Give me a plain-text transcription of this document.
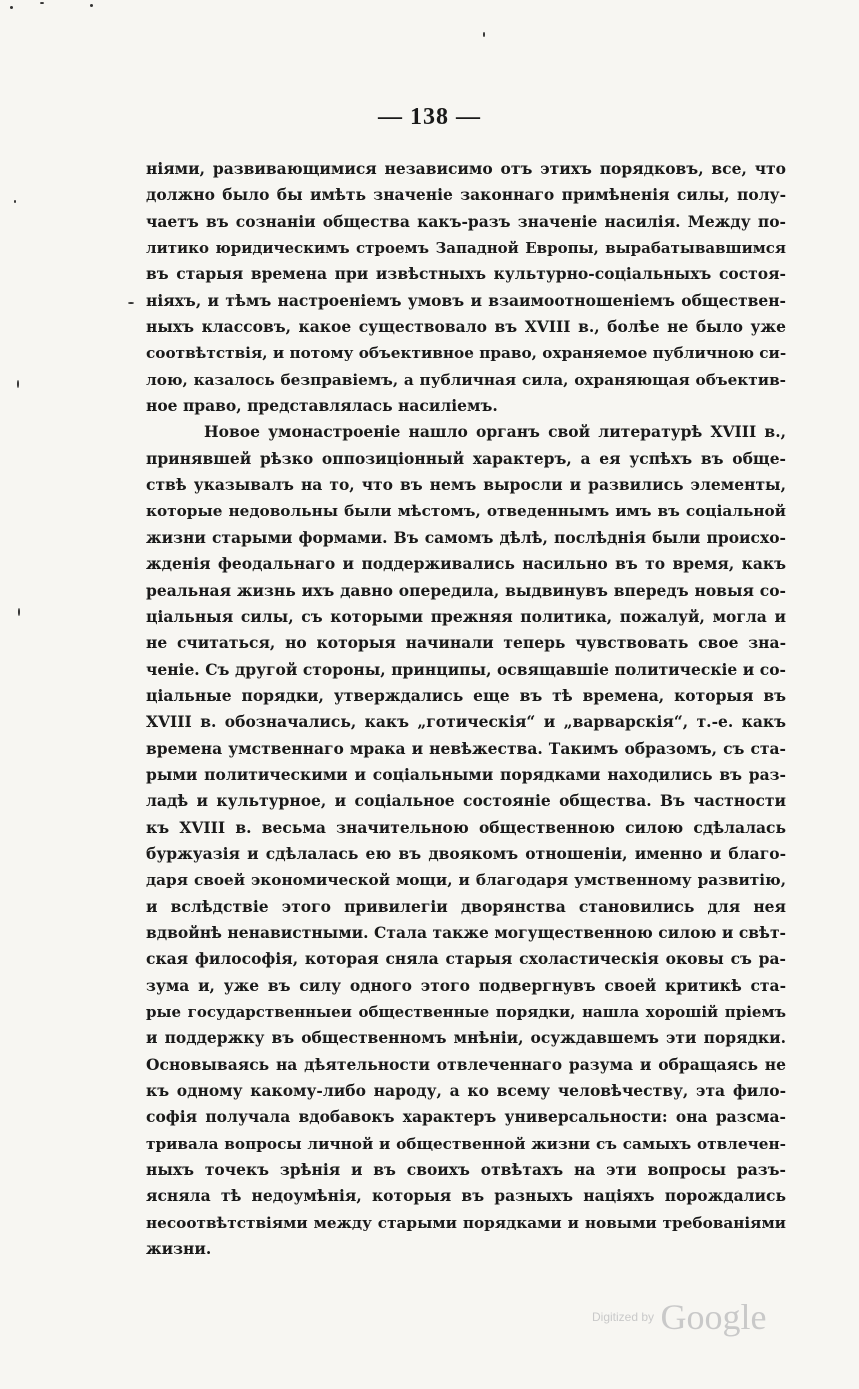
— 138 —
ніями, развивающимися независимо отъ этихъ порядковъ, все, что
должно было бы имѣть значеніе законнаго примѣненія силы, полу-
чаетъ въ сознаніи общества какъ-разъ значеніе насилія. Между по-
литико юридическимъ строемъ Западной Европы, вырабатывавшимся
въ старыя времена при извѣстныхъ культурно-соціальныхъ состоя-
ніяхъ, и тѣмъ настроеніемъ умовъ и взаимоотношеніемъ обществен-
ныхъ классовъ, какое существовало въ XVIII в., болѣе не было уже
соотвѣтствія, и потому объективное право, охраняемое публичною си-
лою, казалось безправіемъ, а публичная сила, охраняющая объектив-
ное право, представлялась насиліемъ.
Новое умонастроеніе нашло органъ свой литературѣ XVIII в.,
принявшей рѣзко оппозиціонный характеръ, а ея успѣхъ въ обще-
ствѣ указывалъ на то, что въ немъ выросли и развились элементы,
которые недовольны были мѣстомъ, отведеннымъ имъ въ соціальной
жизни старыми формами. Въ самомъ дѣлѣ, послѣднія были происхо-
жденія феодальнаго и поддерживались насильно въ то время, какъ
реальная жизнь ихъ давно опередила, выдвинувъ впередъ новыя со-
ціальныя силы, съ которыми прежняя политика, пожалуй, могла и
не считаться, но которыя начинали теперь чувствовать свое зна-
ченіе. Съ другой стороны, принципы, освящавшіе политическіе и со-
ціальные порядки, утверждались еще въ тѣ времена, которыя въ
XVIII в. обозначались, какъ „готическія“ и „варварскія“, т.-е. какъ
времена умственнаго мрака и невѣжества. Такимъ образомъ, съ ста-
рыми политическими и соціальными порядками находились въ раз-
ладѣ и культурное, и соціальное состояніе общества. Въ частности
къ XVIII в. весьма значительною общественною силою сдѣлалась
буржуазія и сдѣлалась ею въ двоякомъ отношеніи, именно и благо-
даря своей экономической мощи, и благодаря умственному развитію,
и вслѣдствіе этого привилегіи дворянства становились для нея
вдвойнѣ ненавистными. Стала также могущественною силою и свѣт-
ская философія, которая сняла старыя схоластическія оковы съ ра-
зума и, уже въ силу одного этого подвергнувъ своей критикѣ ста-
рые государственныеи общественные порядки, нашла хорошій пріемъ
и поддержку въ общественномъ мнѣніи, осуждавшемъ эти порядки.
Основываясь на дѣятельности отвлеченнаго разума и обращаясь не
къ одному какому-либо народу, а ко всему человѣчеству, эта фило-
софія получала вдобавокъ характеръ универсальности: она разсма-
тривала вопросы личной и общественной жизни съ самыхъ отвлечен-
ныхъ точекъ зрѣнія и въ своихъ отвѣтахъ на эти вопросы разъ-
ясняла тѣ недоумѣнія, которыя въ разныхъ націяхъ порождались
несоотвѣтствіями между старыми порядками и новыми требованіями
жизни.
Digitized by Google
